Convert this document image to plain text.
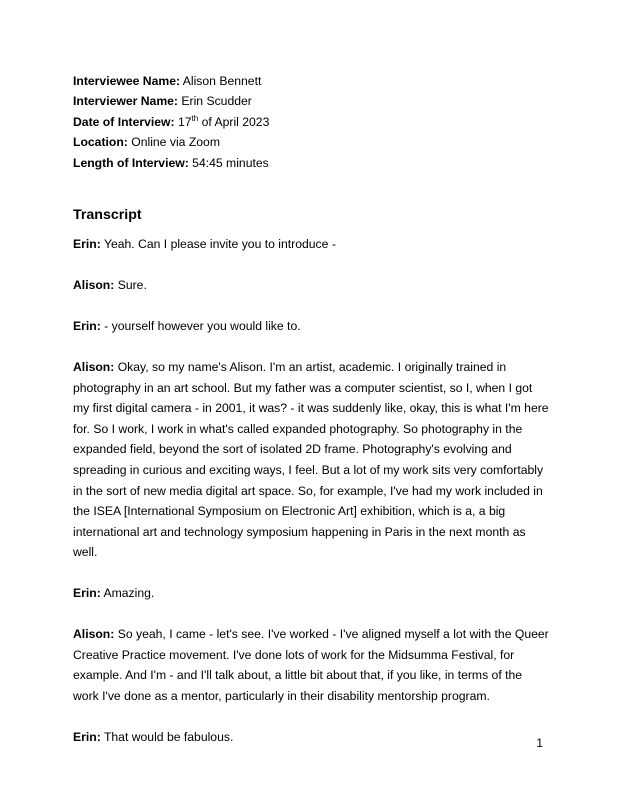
Interviewee Name: Alison Bennett
Interviewer Name: Erin Scudder
Date of Interview: 17th of April 2023
Location: Online via Zoom
Length of Interview: 54:45 minutes
Transcript

Erin: Yeah. Can I please invite you to introduce -

Alison: Sure.

Erin: - yourself however you would like to.

Alison: Okay, so my name's Alison. I'm an artist, academic. I originally trained in photography in an art school. But my father was a computer scientist, so I, when I got my first digital camera - in 2001, it was? - it was suddenly like, okay, this is what I'm here for. So I work, I work in what's called expanded photography. So photography in the expanded field, beyond the sort of isolated 2D frame. Photography's evolving and spreading in curious and exciting ways, I feel. But a lot of my work sits very comfortably in the sort of new media digital art space. So, for example, I've had my work included in the ISEA [International Symposium on Electronic Art] exhibition, which is a, a big international art and technology symposium happening in Paris in the next month as well.

Erin: Amazing.

Alison: So yeah, I came - let's see. I've worked - I've aligned myself a lot with the Queer Creative Practice movement. I've done lots of work for the Midsumma Festival, for example. And I'm - and I'll talk about, a little bit about that, if you like, in terms of the work I've done as a mentor, particularly in their disability mentorship program.

Erin: That would be fabulous.	1
